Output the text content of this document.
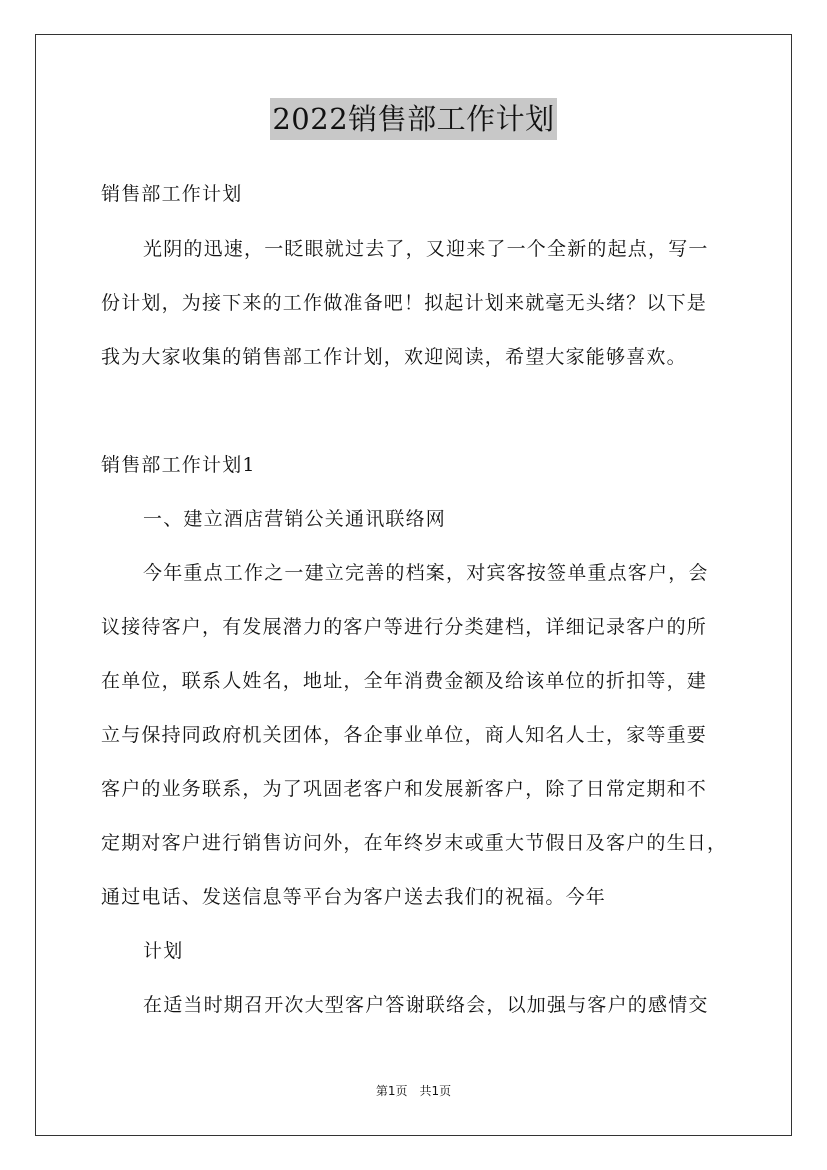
2022销售部工作计划
销售部工作计划
光阴的迅速，一眨眼就过去了，又迎来了一个全新的起点，写一
份计划，为接下来的工作做准备吧！拟起计划来就毫无头绪？以下是
我为大家收集的销售部工作计划，欢迎阅读，希望大家能够喜欢。
销售部工作计划1
一、建立酒店营销公关通讯联络网
今年重点工作之一建立完善的档案，对宾客按签单重点客户，会
议接待客户，有发展潜力的客户等进行分类建档，详细记录客户的所
在单位，联系人姓名，地址，全年消费金额及给该单位的折扣等，建
立与保持同政府机关团体，各企事业单位，商人知名人士，家等重要
客户的业务联系，为了巩固老客户和发展新客户，除了日常定期和不
定期对客户进行销售访问外，在年终岁末或重大节假日及客户的生日，
通过电话、发送信息等平台为客户送去我们的祝福。今年
计划
在适当时期召开次大型客户答谢联络会，以加强与客户的感情交
第1页　共1页
